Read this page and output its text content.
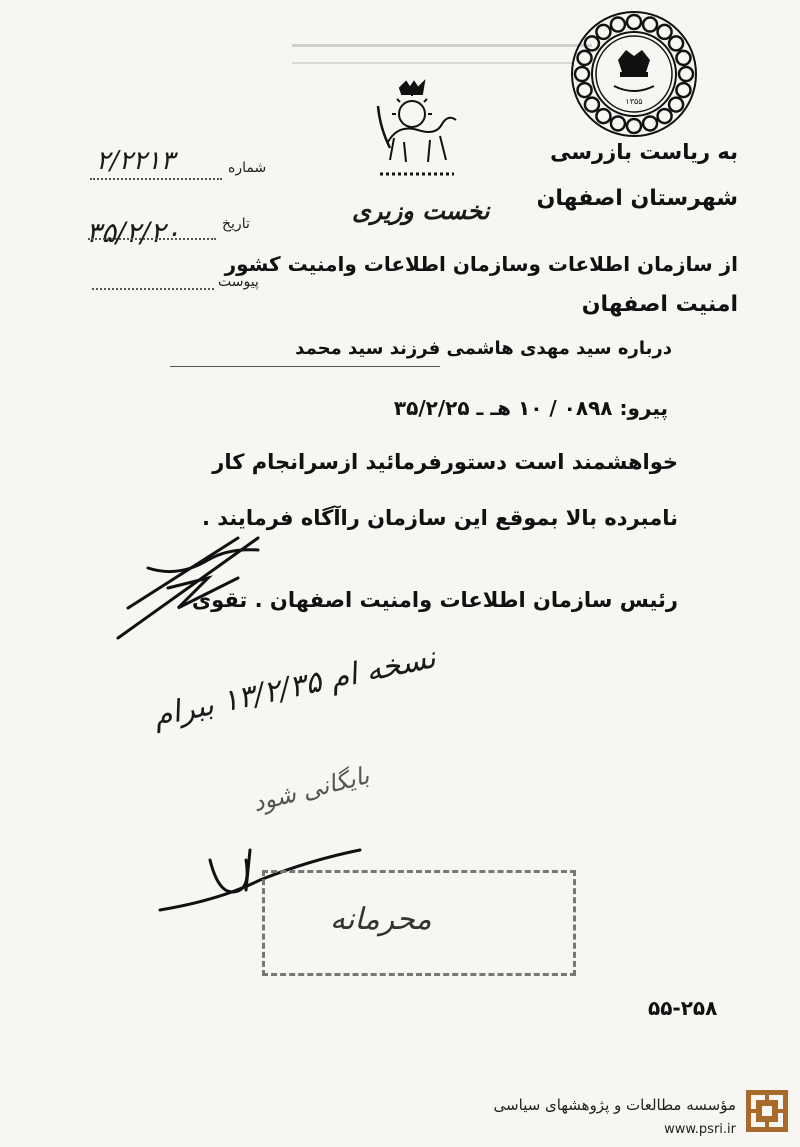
۱۳۵۵
به ریاست بازرسی
شهرستان اصفهان
نخست وزیری
از سازمان اطلاعات وسازمان اطلاعات وامنیت کشور
امنیت اصفهان
شماره
۲/۲۲۱۳
تاریخ
۳۵/۲/۲۰
پیوست
درباره سید مهدی هاشمی فرزند سید محمد
پیرو: ۰۸۹۸ / ۱۰ هـ ـ ۳۵/۲/۲۵
خواهشمند است دستورفرمائید ازسرانجام کار
نامبرده بالا بموقع این سازمان راآگاه فرمایند .
رئیس سازمان اطلاعات وامنیت اصفهان . تقوی
نسخه ام ۱۳/۲/۳۵ ببرام
بایگانی شود
محرمانه
۵۵-۲۵۸
مؤسسه مطالعات و پژوهشهای سیاسی
www.psri.ir
